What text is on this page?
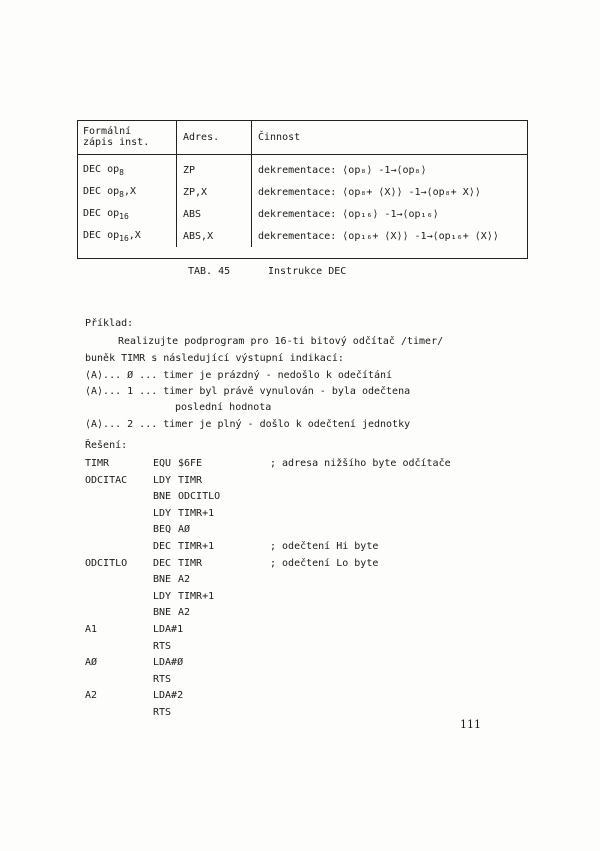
Formální
zápis inst.	Adres.	Činnost
DEC $op_8$	ZP	dekrementace: ⟨op₈⟩ -1→⟨op₈⟩
DEC $op_8,X$	ZP,X	dekrementace: ⟨op₈+ ⟨X⟩⟩ -1→⟨op₈+ X⟩⟩
DEC $op_{16}$	ABS	dekrementace: ⟨op₁₆⟩ -1→⟨op₁₆⟩
DEC $op_{16},X$	ABS,X	dekrementace: ⟨op₁₆+ ⟨X⟩⟩ -1→⟨op₁₆+ ⟨X⟩⟩
TAB. 45	Instrukce DEC
Příklad:
Realizujte podprogram pro 16-ti bitový odčítač /timer/
buněk TIMR s následující výstupní indikací:
⟨A⟩... Ø ... timer je prázdný - nedošlo k odečítání
⟨A⟩... 1 ... timer byl právě vynulován - byla odečtena
poslední hodnota
⟨A⟩... 2 ... timer je plný - došlo k odečtení jednotky
Řešení:
TIMR	EQU $6FE	; adresa nižšího byte odčítače
ODCITAC	LDY TIMR
BNE ODCITLO
LDY TIMR+1
BEQ AØ
DEC TIMR+1	; odečtení Hi byte
ODCITLO	DEC TIMR	; odečtení Lo byte
BNE A2
LDY TIMR+1
BNE A2
A1	LDA#1
RTS
AØ	LDA#Ø
RTS
A2	LDA#2
RTS
111
